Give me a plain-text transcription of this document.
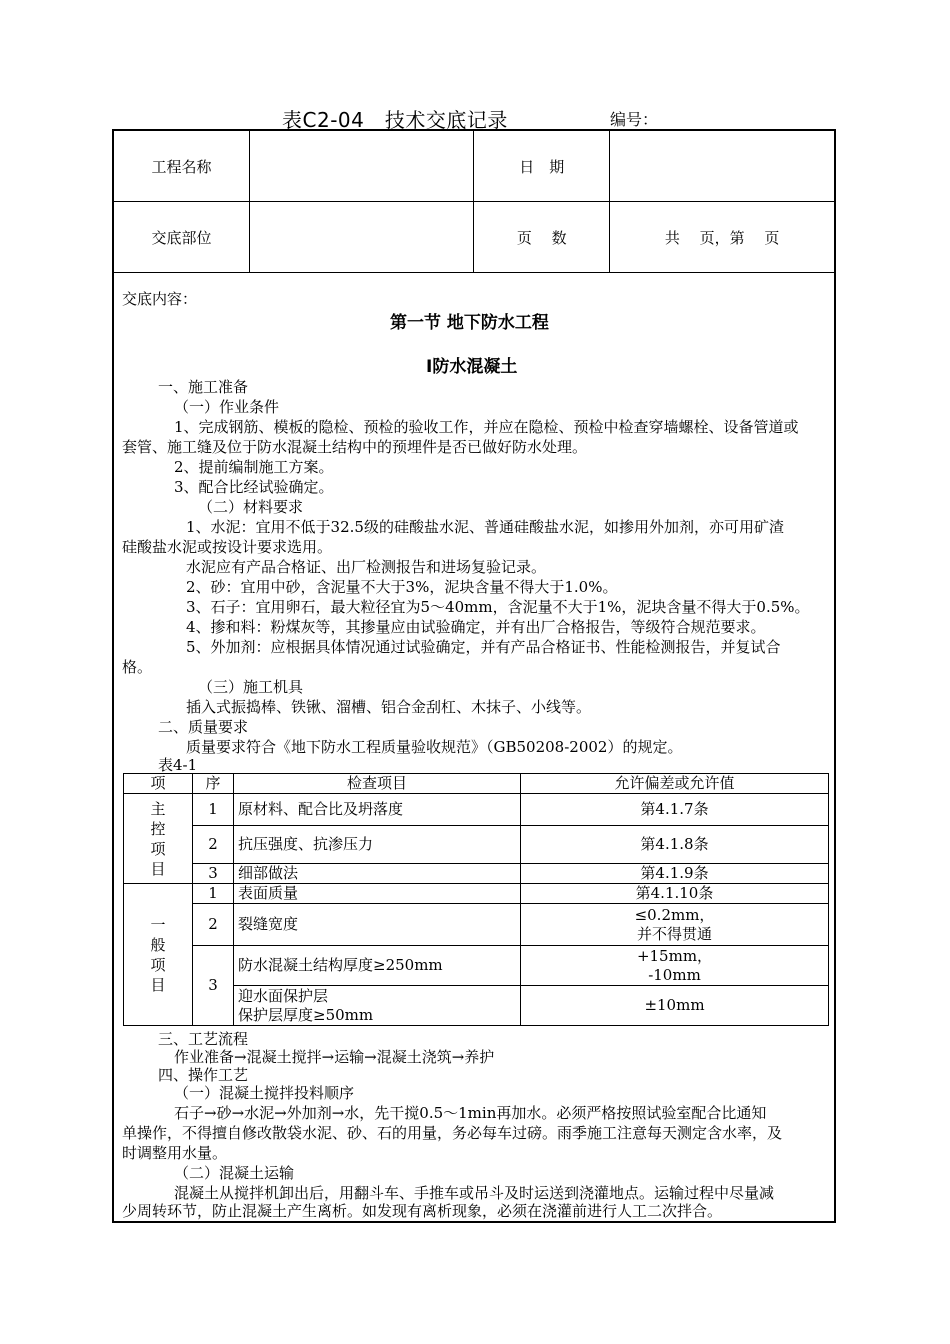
表C2-04　技术交底记录	编号：
工程名称		日　期	
交底部位		页　 数	共　 页，第　 页
交底内容：
第一节 地下防水工程
Ⅰ防水混凝土
一、施工准备
（一）作业条件
1、完成钢筋、模板的隐检、预检的验收工作，并应在隐检、预检中检查穿墙螺栓、设备管道或
套管、施工缝及位于防水混凝土结构中的预埋件是否已做好防水处理。
2、提前编制施工方案。
3、配合比经试验确定。
（二）材料要求
1、水泥：宜用不低于32.5级的硅酸盐水泥、普通硅酸盐水泥，如掺用外加剂，亦可用矿渣
硅酸盐水泥或按设计要求选用。
水泥应有产品合格证、出厂检测报告和进场复验记录。
2、砂：宜用中砂，含泥量不大于3%，泥块含量不得大于1.0%。
3、石子：宜用卵石，最大粒径宜为5～40mm，含泥量不大于1%，泥块含量不得大于0.5%。
4、掺和料：粉煤灰等，其掺量应由试验确定，并有出厂合格报告，等级符合规范要求。
5、外加剂：应根据具体情况通过试验确定，并有产品合格证书、性能检测报告，并复试合
格。
（三）施工机具
插入式振捣棒、铁锹、溜槽、铝合金刮杠、木抹子、小线等。
二、质量要求
质量要求符合《地下防水工程质量验收规范》（GB50208-2002）的规定。
表4-1
项	序	检查项目	允许偏差或允许值
主
控
项
目	1	原材料、配合比及坍落度	第4.1.7条
	2	抗压强度、抗渗压力	第4.1.8条
	3	细部做法	第4.1.9条
一
般
项
目	1	表面质量	第4.1.10条
	2	裂缝宽度	≤0.2mm，
并不得贯通
	3	防水混凝土结构厚度≥250mm	+15mm，
-10mm
		迎水面保护层
保护层厚度≥50mm	±10mm
三、工艺流程
作业准备→混凝土搅拌→运输→混凝土浇筑→养护
四、操作工艺
（一）混凝土搅拌投料顺序
石子→砂→水泥→外加剂→水，先干搅0.5～1min再加水。必须严格按照试验室配合比通知
单操作，不得擅自修改散袋水泥、砂、石的用量，务必每车过磅。雨季施工注意每天测定含水率，及
时调整用水量。
（二）混凝土运输
混凝土从搅拌机卸出后，用翻斗车、手推车或吊斗及时运送到浇灌地点。运输过程中尽量减
少周转环节，防止混凝土产生离析。如发现有离析现象，必须在浇灌前进行人工二次拌合。
